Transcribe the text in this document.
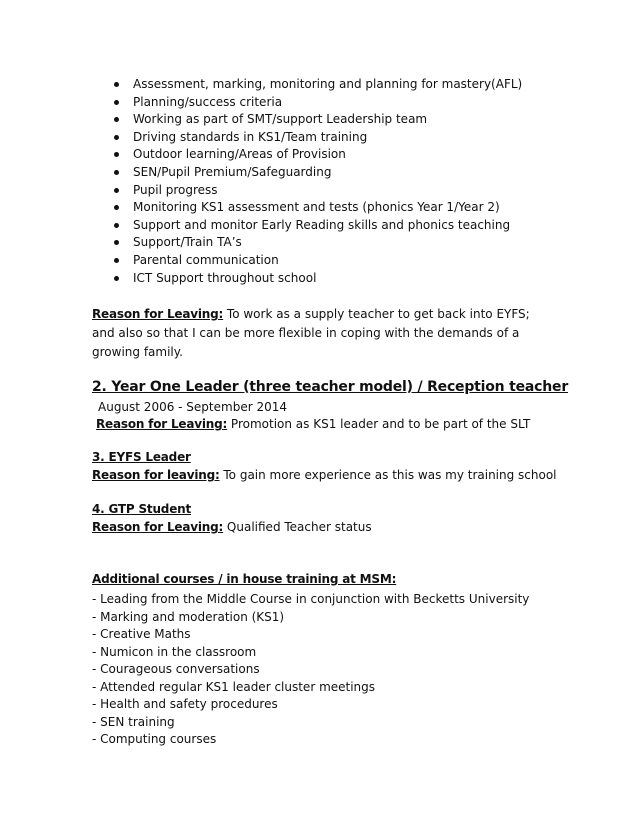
Assessment, marking, monitoring and planning for mastery(AFL)
Planning/success criteria
Working as part of SMT/support Leadership team
Driving standards in KS1/Team training
Outdoor learning/Areas of Provision
SEN/Pupil Premium/Safeguarding
Pupil progress
Monitoring KS1 assessment and tests (phonics Year 1/Year 2)
Support and monitor Early Reading skills and phonics teaching
Support/Train TA’s
Parental communication
ICT Support throughout school
Reason for Leaving: To work as a supply teacher to get back into EYFS; and also so that I can be more flexible in coping with the demands of a growing family.
2. Year One Leader (three teacher model) / Reception teacher
August 2006 - September 2014
Reason for Leaving: Promotion as KS1 leader and to be part of the SLT
3. EYFS Leader
Reason for leaving: To gain more experience as this was my training school
4. GTP Student
Reason for Leaving: Qualified Teacher status
Additional courses / in house training at MSM:
- Leading from the Middle Course in conjunction with Becketts University
- Marking and moderation (KS1)
- Creative Maths
- Numicon in the classroom
- Courageous conversations
- Attended regular KS1 leader cluster meetings
- Health and safety procedures
- SEN training
- Computing courses
